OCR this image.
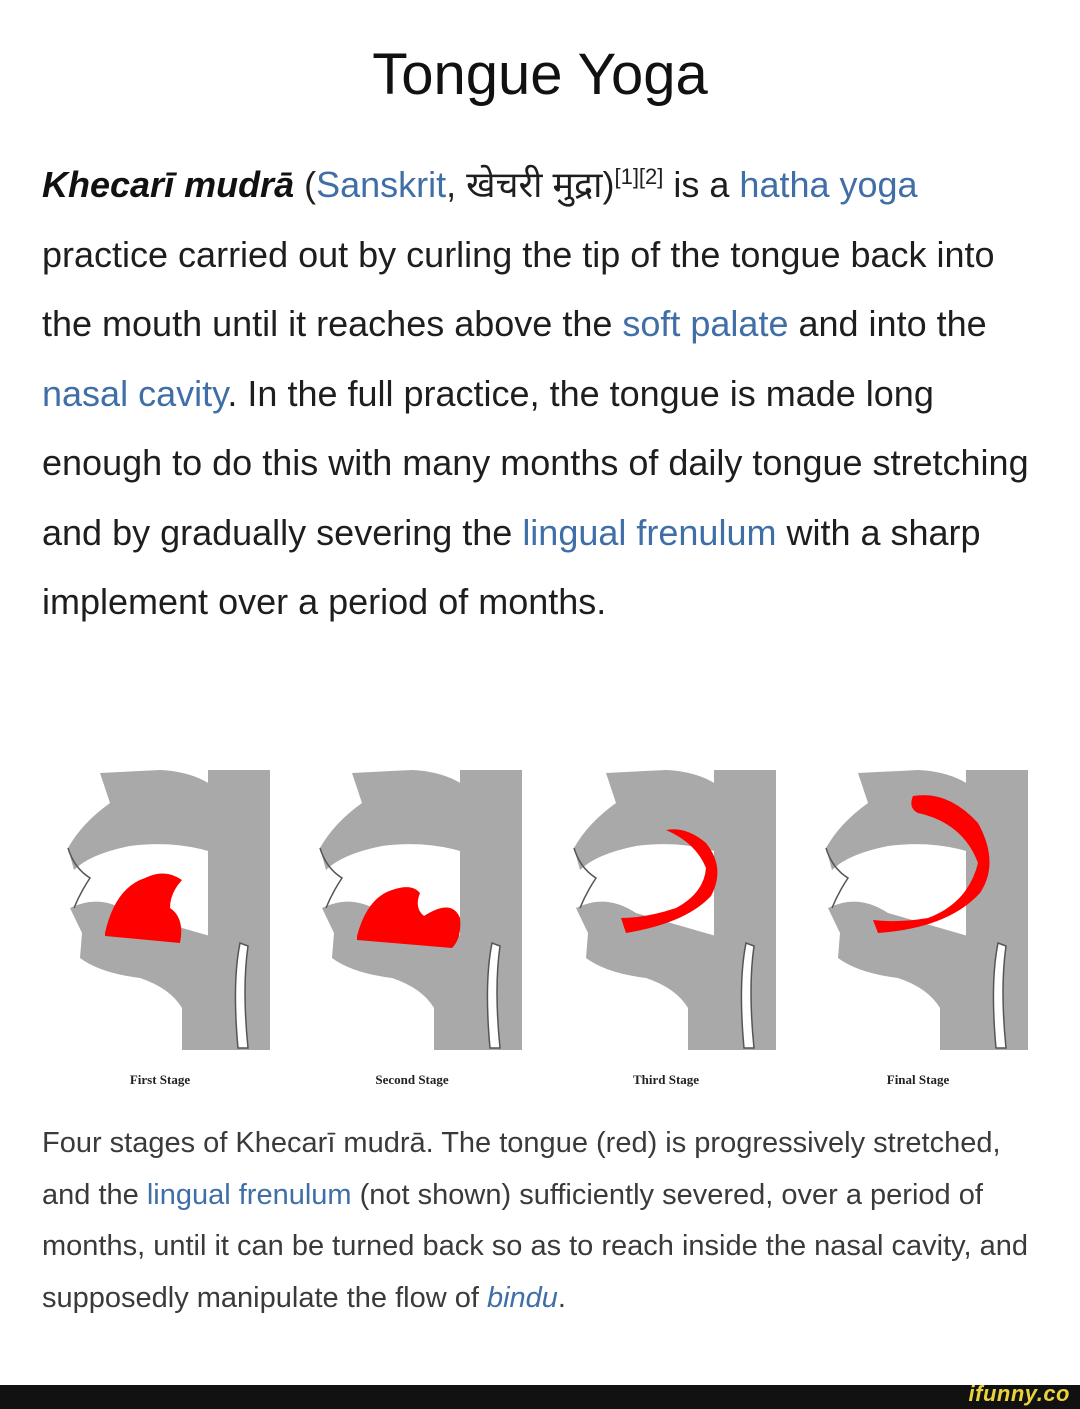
Tongue Yoga
Khecarī mudrā (Sanskrit, खेचरी मुद्रा)[1][2] is a hatha yoga practice carried out by curling the tip of the tongue back into the mouth until it reaches above the soft palate and into the nasal cavity. In the full practice, the tongue is made long enough to do this with many months of daily tongue stretching and by gradually severing the lingual frenulum with a sharp implement over a period of months.
First Stage	Second Stage	Third Stage	Final Stage
Four stages of Khecarī mudrā. The tongue (red) is progressively stretched, and the lingual frenulum (not shown) sufficiently severed, over a period of months, until it can be turned back so as to reach inside the nasal cavity, and supposedly manipulate the flow of bindu.
ifunny.co
